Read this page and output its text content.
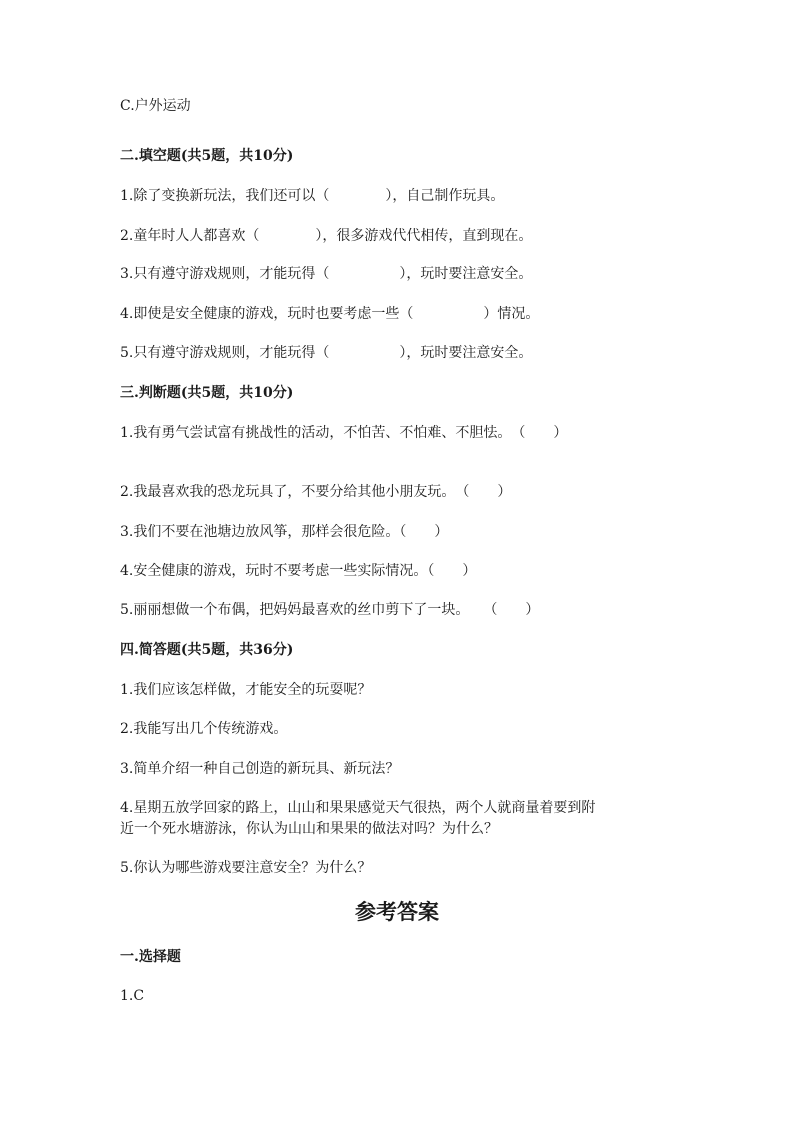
C.户外运动
二.填空题(共5题，共10分)
1.除了变换新玩法，我们还可以（　　　　），自己制作玩具。
2.童年时人人都喜欢（　　　　），很多游戏代代相传，直到现在。
3.只有遵守游戏规则，才能玩得（　　　　　），玩时要注意安全。
4.即使是安全健康的游戏，玩时也要考虑一些（　　　　　）情况。
5.只有遵守游戏规则，才能玩得（　　　　　），玩时要注意安全。
三.判断题(共5题，共10分)
1.我有勇气尝试富有挑战性的活动，不怕苦、不怕难、不胆怯。　（　　）
2.我最喜欢我的恐龙玩具了，不要分给其他小朋友玩。　（　　）
3.我们不要在池塘边放风筝，那样会很危险。（　　）
4.安全健康的游戏，玩时不要考虑一些实际情况。（　　）
5.丽丽想做一个布偶，把妈妈最喜欢的丝巾剪下了一块。　　（　　）
四.简答题(共5题，共36分)
1.我们应该怎样做，才能安全的玩耍呢？
2.我能写出几个传统游戏。
3.简单介绍一种自己创造的新玩具、新玩法？
4.星期五放学回家的路上，山山和果果感觉天气很热，两个人就商量着要到附
近一个死水塘游泳，你认为山山和果果的做法对吗？为什么？
5.你认为哪些游戏要注意安全？为什么？
参考答案
一.选择题
1.C
